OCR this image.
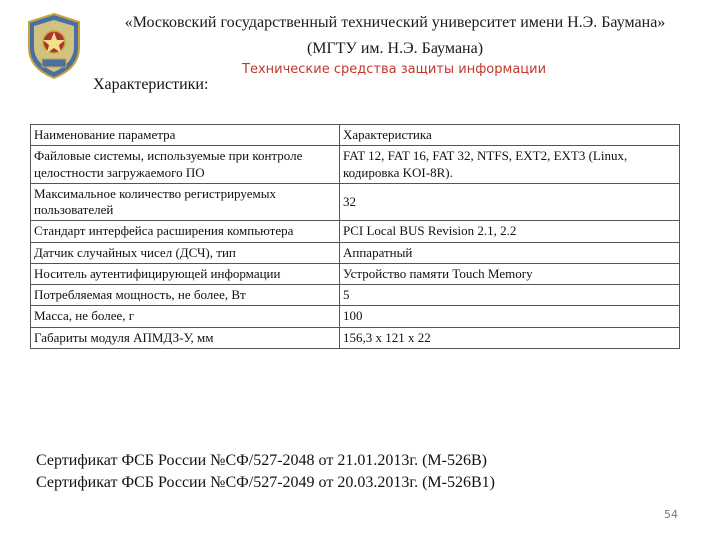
«Московский государственный технический университет имени Н.Э. Баумана»
(МГТУ им. Н.Э. Баумана)
Технические средства защиты информации
Характеристики:
Наименование параметра	Характеристика
Файловые системы, используемые при контроле целостности загружаемого ПО	FAT 12, FAT 16, FAT 32, NTFS, EXT2, EXT3 (Linux, кодировка KOI-8R).
Максимальное количество регистрируемых пользователей	32
Стандарт интерфейса расширения компьютера	PCI Local BUS Revision 2.1, 2.2
Датчик случайных чисел (ДСЧ), тип	Аппаратный
Носитель аутентифицирующей информации	Устройство памяти Touch Memory
Потребляемая мощность, не более, Вт	5
Масса, не более, г	100
Габариты модуля АПМДЗ-У, мм	156,3 х 121 х 22
Сертификат ФСБ России №СФ/527-2048 от 21.01.2013г. (М-526В)
Сертификат ФСБ России №СФ/527-2049 от 20.03.2013г. (М-526В1)
54
